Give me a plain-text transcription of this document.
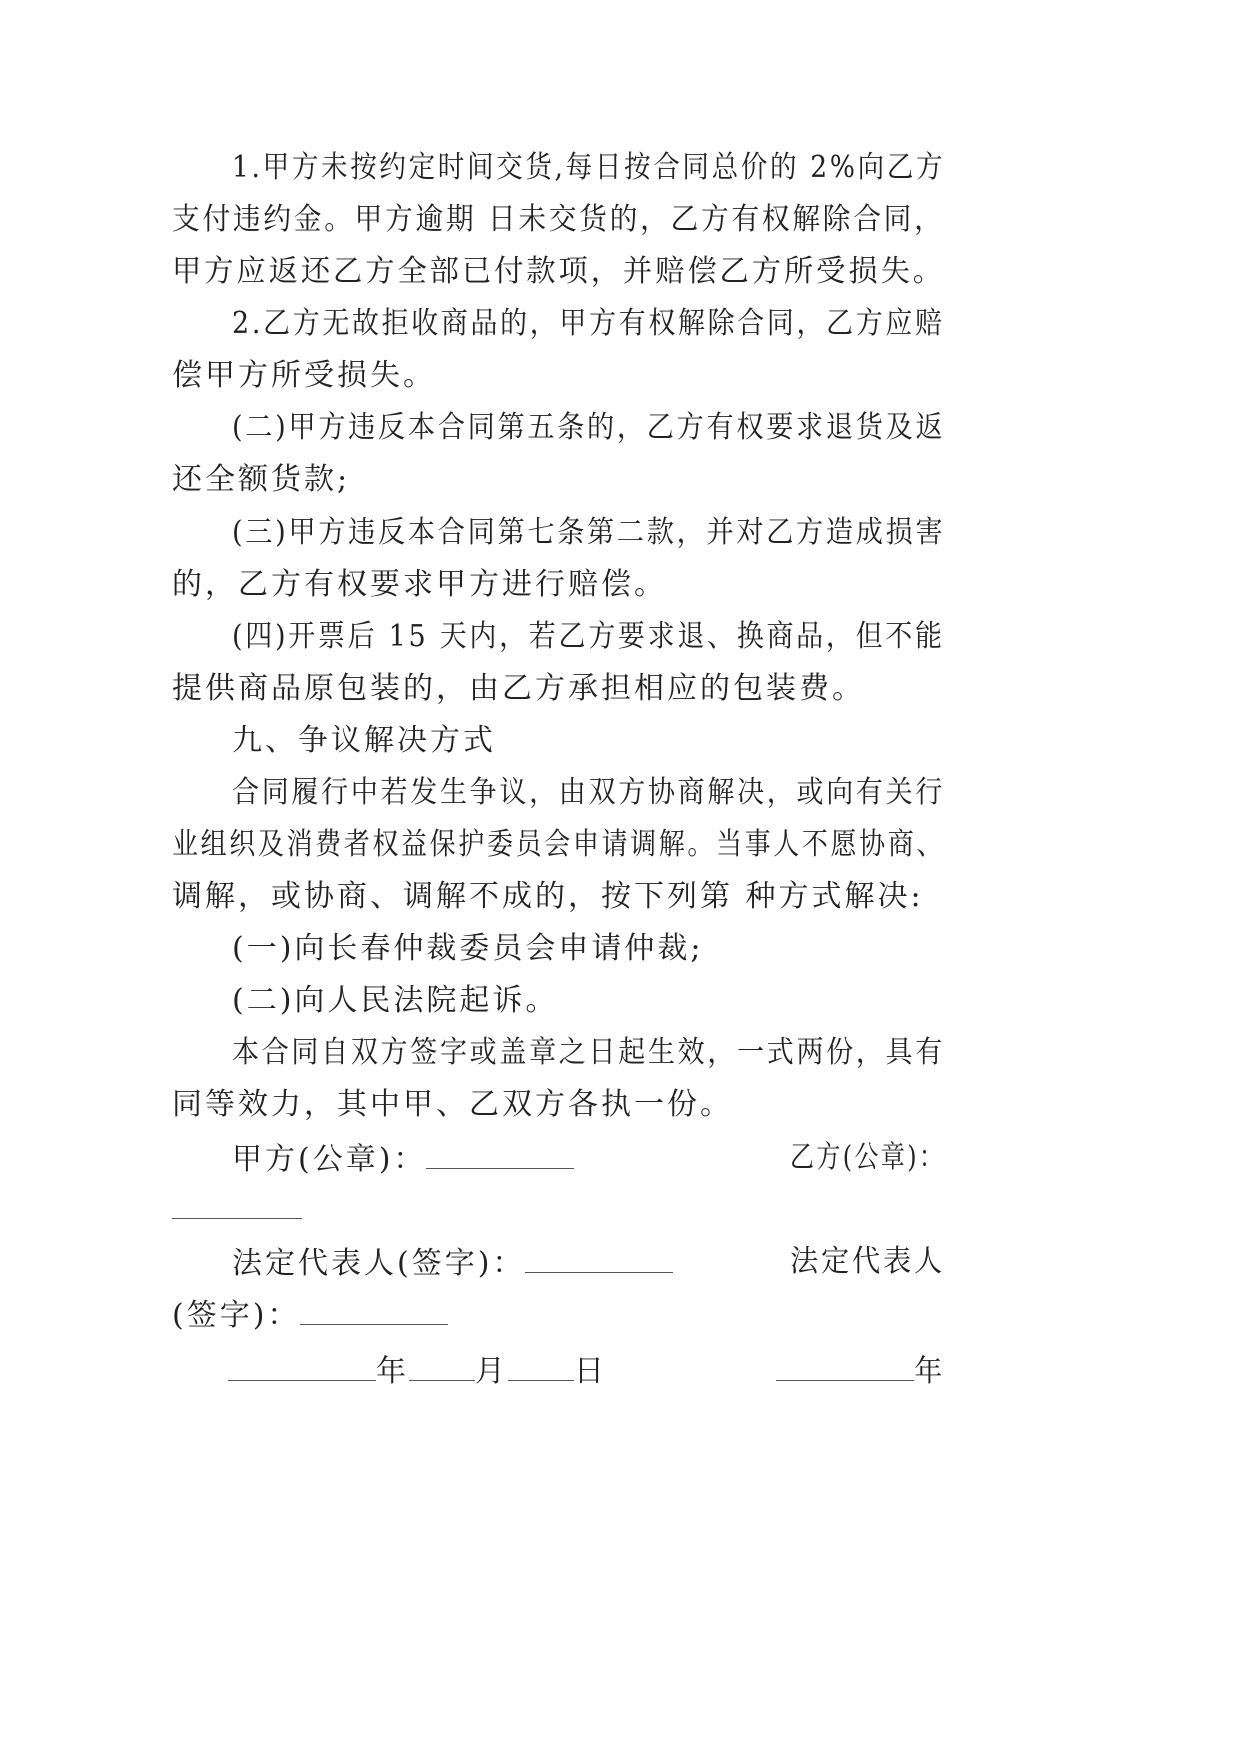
1.甲方未按约定时间交货,每日按合同总价的 2%向乙方
支付违约金。甲方逾期 日未交货的，乙方有权解除合同，
甲方应返还乙方全部已付款项，并赔偿乙方所受损失。
2.乙方无故拒收商品的，甲方有权解除合同，乙方应赔
偿甲方所受损失。
(二)甲方违反本合同第五条的，乙方有权要求退货及返
还全额货款;
(三)甲方违反本合同第七条第二款，并对乙方造成损害
的，乙方有权要求甲方进行赔偿。
(四)开票后 15 天内，若乙方要求退、换商品，但不能
提供商品原包装的，由乙方承担相应的包装费。
九、争议解决方式
合同履行中若发生争议，由双方协商解决，或向有关行
业组织及消费者权益保护委员会申请调解。当事人不愿协商、
调解，或协商、调解不成的，按下列第 种方式解决:
(一)向长春仲裁委员会申请仲裁;
(二)向人民法院起诉。
本合同自双方签字或盖章之日起生效，一式两份，具有
同等效力，其中甲、乙双方各执一份。
甲方(公章)：	乙方(公章)：
法定代表人(签字)：	法定代表人
(签字)：
年 月 日	年
